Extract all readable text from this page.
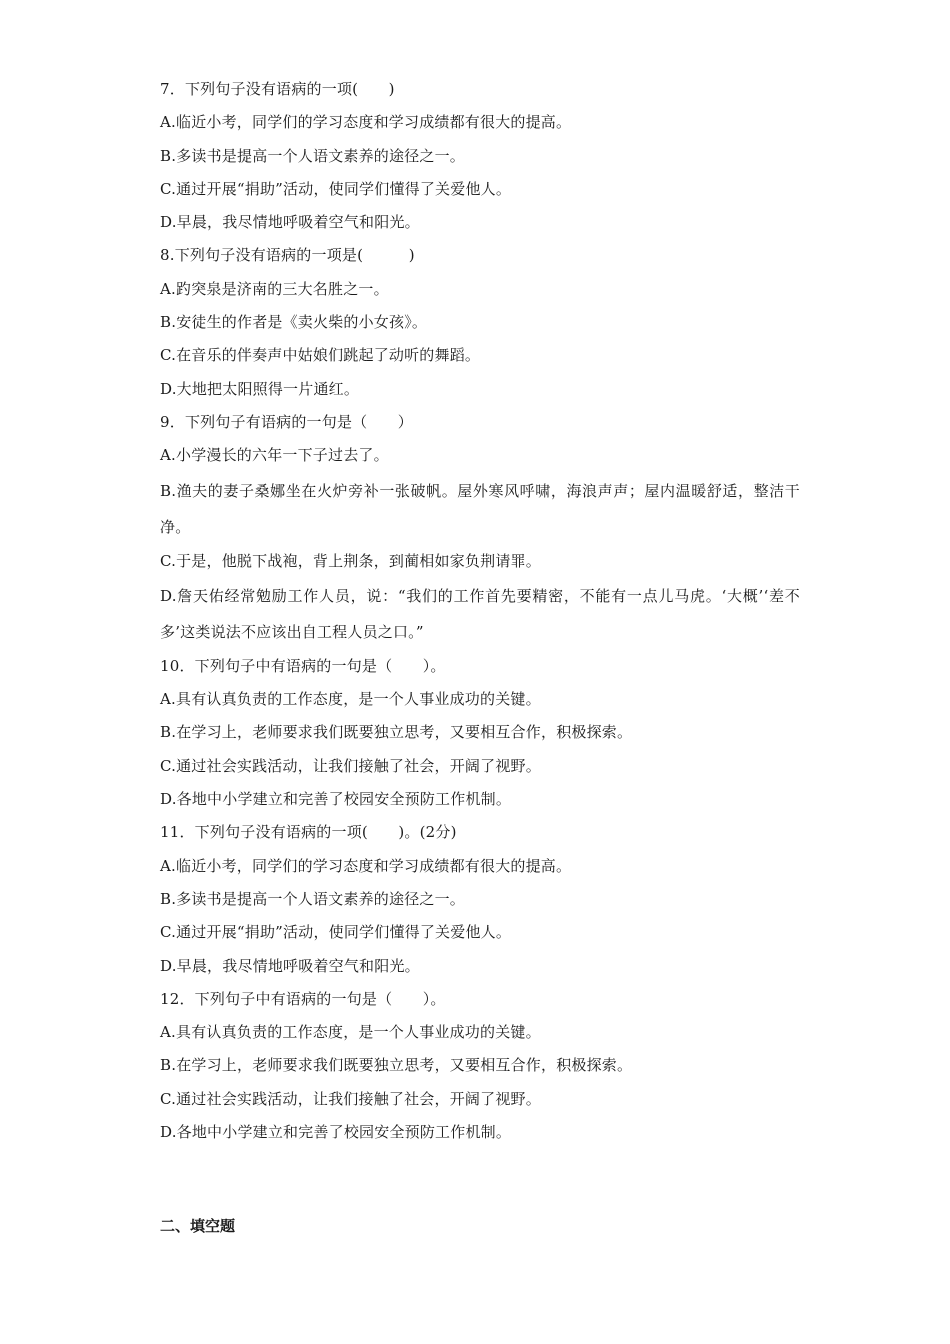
7．下列句子没有语病的一项(　　)
A.临近小考，同学们的学习态度和学习成绩都有很大的提高。
B.多读书是提高一个人语文素养的途径之一。
C.通过开展“捐助”活动，使同学们懂得了关爱他人。
D.早晨，我尽情地呼吸着空气和阳光。
8.下列句子没有语病的一项是(　　　)
A.趵突泉是济南的三大名胜之一。
B.安徒生的作者是《卖火柴的小女孩》。
C.在音乐的伴奏声中姑娘们跳起了动听的舞蹈。
D.大地把太阳照得一片通红。
9．下列句子有语病的一句是（　　）
A.小学漫长的六年一下子过去了。
B.渔夫的妻子桑娜坐在火炉旁补一张破帆。屋外寒风呼啸，海浪声声；屋内温暖舒适，整洁干净。
C.于是，他脱下战袍，背上荆条，到蔺相如家负荆请罪。
D.詹天佑经常勉励工作人员，说：“我们的工作首先要精密，不能有一点儿马虎。‘大概’‘差不多’这类说法不应该出自工程人员之口。”
10．下列句子中有语病的一句是（　　）。
A.具有认真负责的工作态度，是一个人事业成功的关键。
B.在学习上，老师要求我们既要独立思考，又要相互合作，积极探索。
C.通过社会实践活动，让我们接触了社会，开阔了视野。
D.各地中小学建立和完善了校园安全预防工作机制。
11．下列句子没有语病的一项(　　)。(2分)
A.临近小考，同学们的学习态度和学习成绩都有很大的提高。
B.多读书是提高一个人语文素养的途径之一。
C.通过开展“捐助”活动，使同学们懂得了关爱他人。
D.早晨，我尽情地呼吸着空气和阳光。
12．下列句子中有语病的一句是（　　）。
A.具有认真负责的工作态度，是一个人事业成功的关键。
B.在学习上，老师要求我们既要独立思考，又要相互合作，积极探索。
C.通过社会实践活动，让我们接触了社会，开阔了视野。
D.各地中小学建立和完善了校园安全预防工作机制。
二、填空题
